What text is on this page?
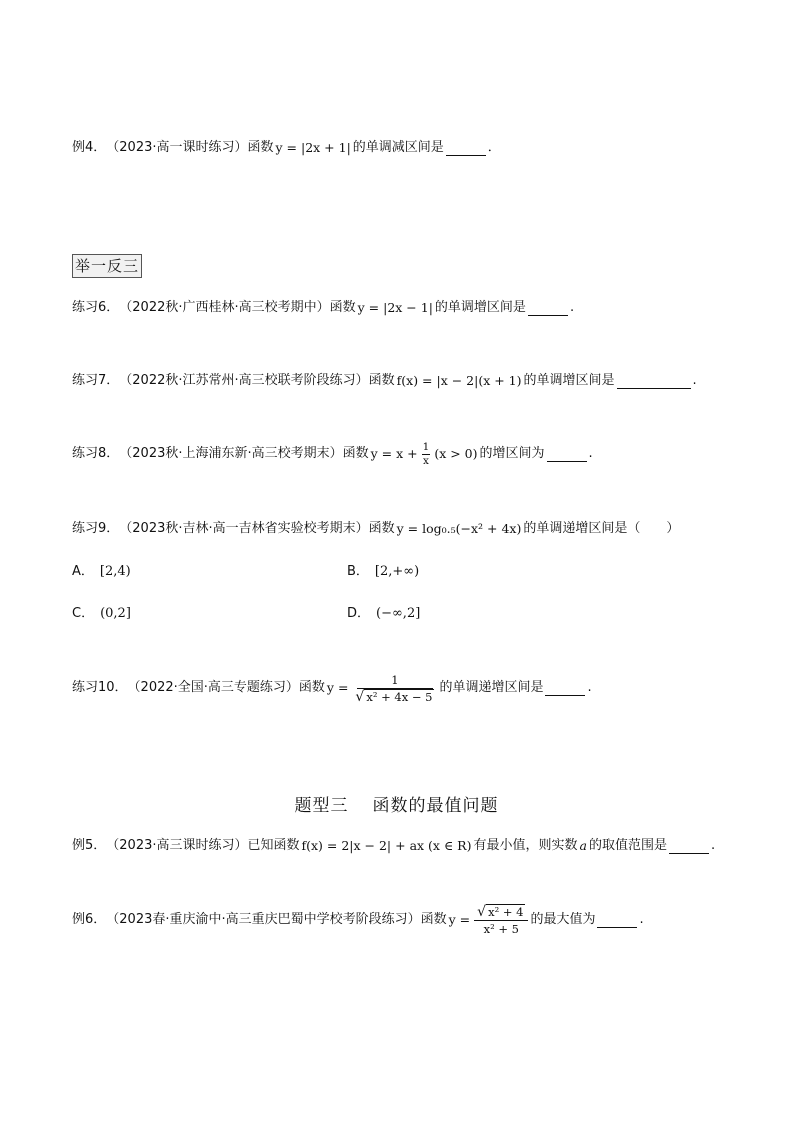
例4． （2023·高一课时练习）函数 y = |2x + 1| 的单调减区间是	．
举一反三
练习6． （2022秋·广西桂林·高三校考期中）函数 y = |2x − 1| 的单调增区间是	.
练习7． （2022秋·江苏常州·高三校联考阶段练习）函数 f(x) = |x − 2|(x + 1) 的单调增区间是	.
练习8． （2023秋·上海浦东新·高三校考期末）函数 $y = x + \frac{1}{x} (x > 0)$ 的增区间为	.
练习9． （2023秋·吉林·高一吉林省实验校考期末）函数 y = log₀.₅(−x² + 4x) 的单调递增区间是（　　）
A． [2,4)	B． [2,+∞)
C． (0,2]	D． (−∞,2]
练习10． （2022·全国·高三专题练习）函数 $y = \frac{1}{\text{√ x² + 4x − 5}}$ 的单调递增区间是	.
题型三 函数的最值问题
例5． （2023·高三课时练习）已知函数 f(x) = 2|x − 2| + ax (x ∈ R) 有最小值，则实数 a 的取值范围是	.
例6． （2023春·重庆渝中·高三重庆巴蜀中学校考阶段练习）函数 $y = \frac{\text{√ x² + 4}}{\text{x² + 5}}$ 的最大值为	.
